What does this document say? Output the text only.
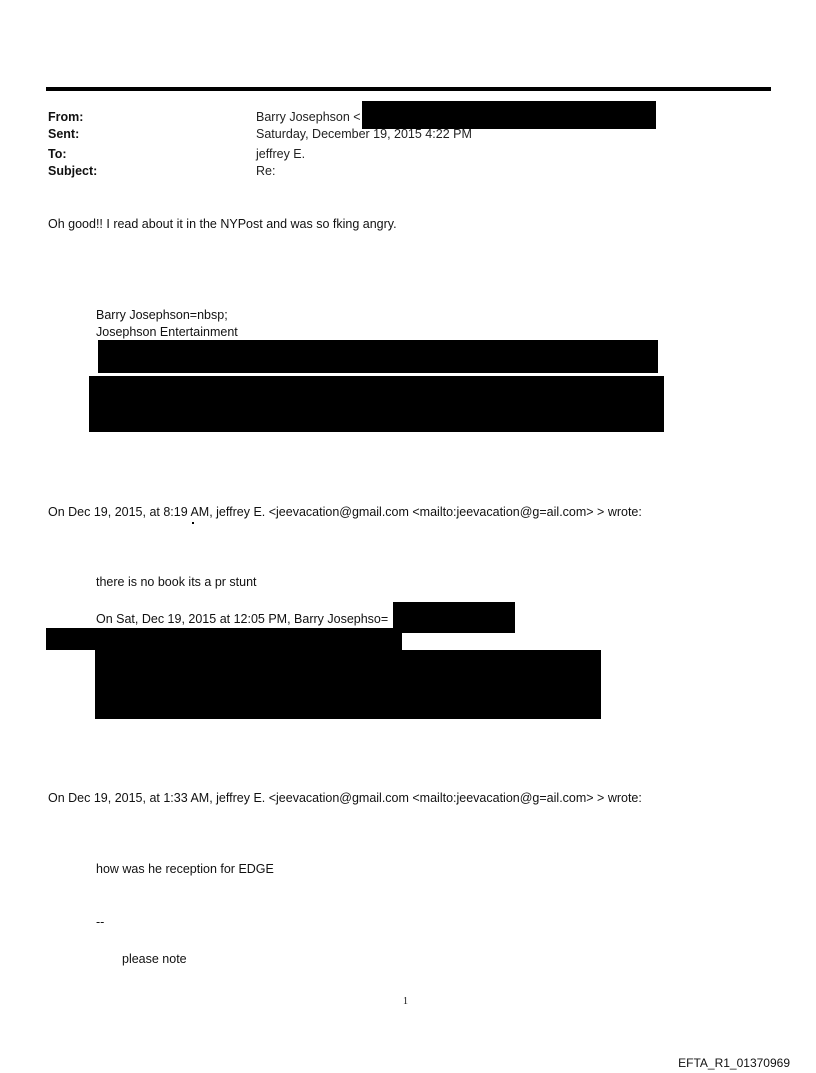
From:	Barry Josephson <
Sent:	Saturday, December 19, 2015 4:22 PM
To:	jeffrey E.
Subject:	Re:
Oh good!! I read about it in the NYPost and was so fking angry.
Barry Josephson=nbsp;
Josephson Entertainment
On Dec 19, 2015, at 8:19 AM, jeffrey E. <jeevacation@gmail.com <mailto:jeevacation@g=ail.com> > wrote:
there is no book its a pr stunt
On Sat, Dec 19, 2015 at 12:05 PM, Barry Josephso=
On Dec 19, 2015, at 1:33 AM, jeffrey E. <jeevacation@gmail.com <mailto:jeevacation@g=ail.com> > wrote:
how was he reception for EDGE
--
please note
1
EFTA_R1_01370969
